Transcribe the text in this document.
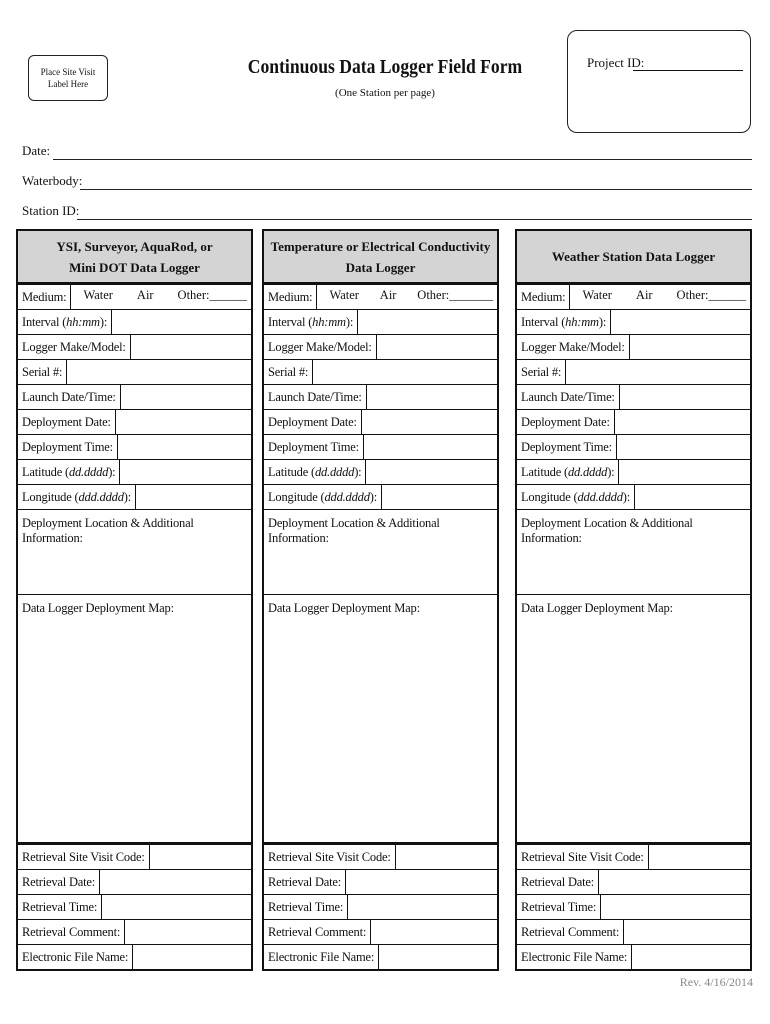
Place Site Visit
Label Here
Continuous Data Logger Field Form
(One Station per page)
Project ID:
Date:
Waterbody:
Station ID:
YSI, Surveyor, AquaRod, or
Mini DOT Data Logger
Medium:	Water Air Other:______
Interval (hh:mm):
Logger Make/Model:
Serial #:
Launch Date/Time:
Deployment Date:
Deployment Time:
Latitude (dd.dddd):
Longitude (ddd.dddd):
Deployment Location & Additional Information:
Data Logger Deployment Map:
Retrieval Site Visit Code:
Retrieval Date:
Retrieval Time:
Retrieval Comment:
Electronic File Name:
Temperature or Electrical Conductivity
Data Logger
Medium:	Water Air Other:_______
Interval (hh:mm):
Logger Make/Model:
Serial #:
Launch Date/Time:
Deployment Date:
Deployment Time:
Latitude (dd.dddd):
Longitude (ddd.dddd):
Deployment Location & Additional Information:
Data Logger Deployment Map:
Retrieval Site Visit Code:
Retrieval Date:
Retrieval Time:
Retrieval Comment:
Electronic File Name:
Weather Station Data Logger
Medium:	Water Air Other:______
Interval (hh:mm):
Logger Make/Model:
Serial #:
Launch Date/Time:
Deployment Date:
Deployment Time:
Latitude (dd.dddd):
Longitude (ddd.dddd):
Deployment Location & Additional Information:
Data Logger Deployment Map:
Retrieval Site Visit Code:
Retrieval Date:
Retrieval Time:
Retrieval Comment:
Electronic File Name:
Rev. 4/16/2014
